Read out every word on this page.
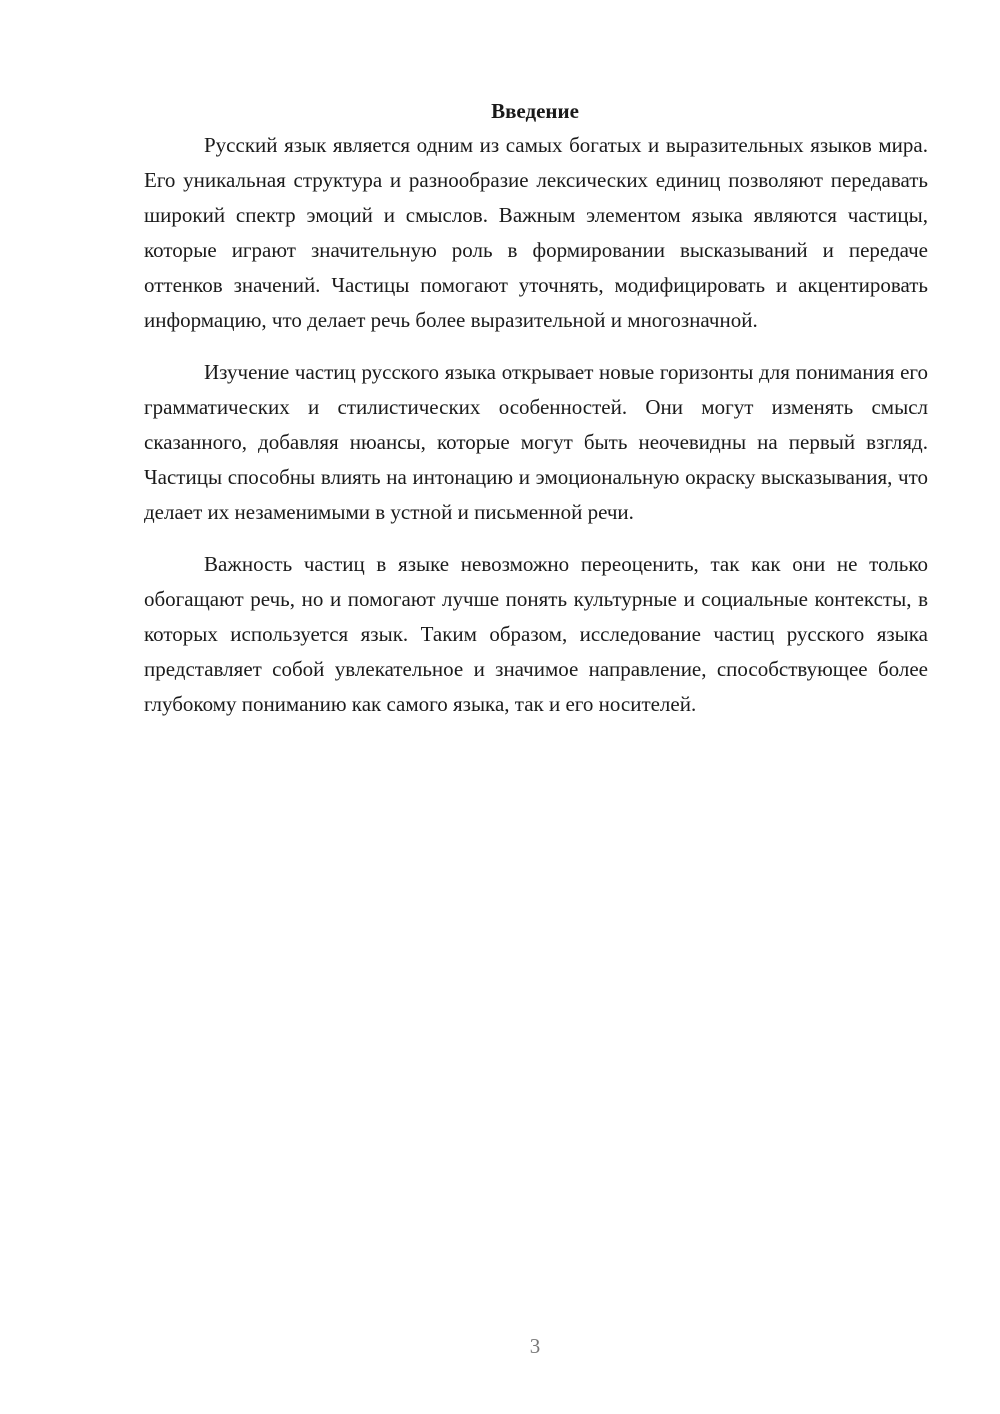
Введение

Русский язык является одним из самых богатых и выразительных языков мира. Его уникальная структура и разнообразие лексических единиц позволяют передавать широкий спектр эмоций и смыслов. Важным элементом языка являются частицы, которые играют значительную роль в формировании высказываний и передаче оттенков значений. Частицы помогают уточнять, модифицировать и акцентировать информацию, что делает речь более выразительной и многозначной.

Изучение частиц русского языка открывает новые горизонты для понимания его грамматических и стилистических особенностей. Они могут изменять смысл сказанного, добавляя нюансы, которые могут быть неочевидны на первый взгляд. Частицы способны влиять на интонацию и эмоциональную окраску высказывания, что делает их незаменимыми в устной и письменной речи.

Важность частиц в языке невозможно переоценить, так как они не только обогащают речь, но и помогают лучше понять культурные и социальные контексты, в которых используется язык. Таким образом, исследование частиц русского языка представляет собой увлекательное и значимое направление, способствующее более глубокому пониманию как самого языка, так и его носителей.

3
